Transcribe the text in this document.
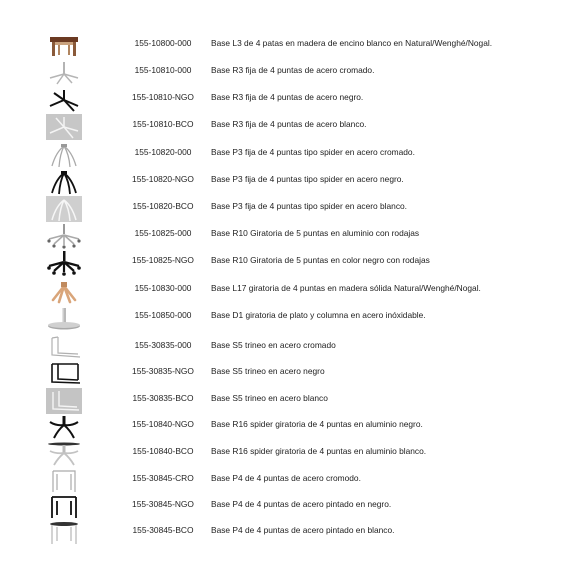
155-10800-000	Base L3 de 4 patas en madera de encino blanco en Natural/Wenghé/Nogal.
155-10810-000	Base R3 fija de 4 puntas de acero cromado.
155-10810-NGO	Base R3 fija de 4 puntas de acero negro.
155-10810-BCO	Base R3 fija de 4 puntas de acero blanco.
155-10820-000	Base P3 fija de 4 puntas tipo spider en acero cromado.
155-10820-NGO	Base P3 fija de 4 puntas tipo spider en acero negro.
155-10820-BCO	Base P3 fija de 4 puntas tipo spider en acero blanco.
155-10825-000	Base R10 Giratoria de 5 puntas en aluminio con rodajas
155-10825-NGO	Base R10 Giratoria de 5 puntas en color negro con rodajas
155-10830-000	Base L17 giratoria de 4 puntas en madera sólida Natural/Wenghé/Nogal.
155-10850-000	Base D1 giratoria de plato y columna en acero inóxidable.
155-30835-000	Base S5 trineo en acero cromado
155-30835-NGO	Base S5 trineo en acero negro
155-30835-BCO	Base S5 trineo en acero blanco
155-10840-NGO	Base R16 spider giratoria de 4 puntas en aluminio negro.
155-10840-BCO	Base R16 spider giratoria de 4 puntas en aluminio blanco.
155-30845-CRO	Base P4 de 4 puntas de acero cromodo.
155-30845-NGO	Base P4 de 4 puntas de acero pintado en negro.
155-30845-BCO	Base P4 de 4 puntas de acero pintado en blanco.
